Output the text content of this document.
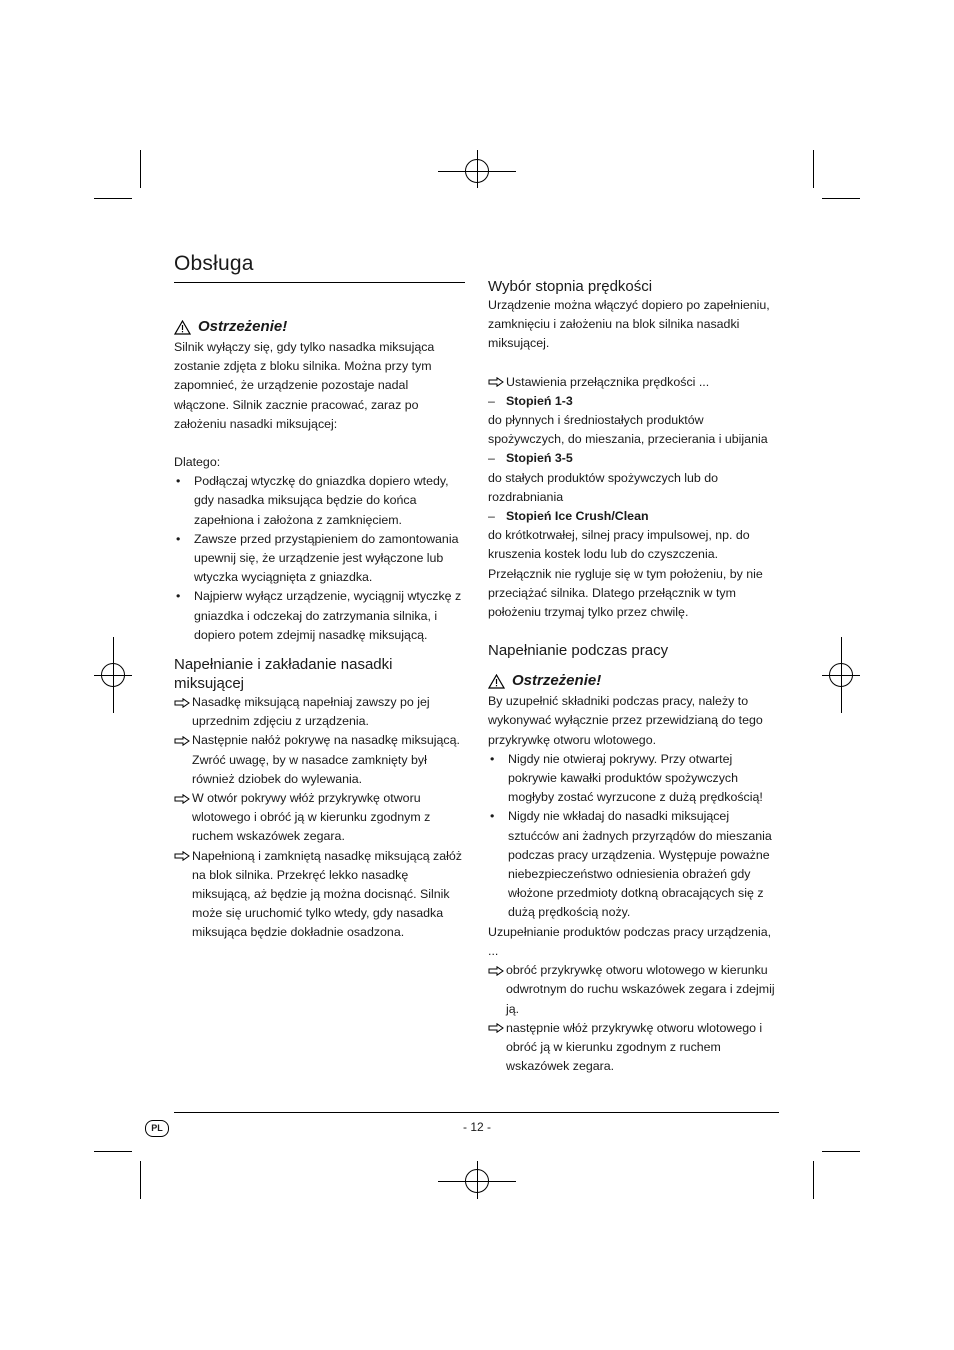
Obsługa
Ostrzeżenie!

Silnik wyłączy się, gdy tylko nasadka miksująca zostanie zdjęta z bloku silnika. Można przy tym zapomnieć, że urządzenie pozostaje nadal włączone. Silnik zacznie pracować, zaraz po założeniu nasadki miksującej:

Dlatego:

•	Podłączaj wtyczkę do gniazdka dopiero wtedy, gdy nasadka miksująca będzie do końca zapełniona i założona z zamknięciem.
•	Zawsze przed przystąpieniem do zamontowania upewnij się, że urządzenie jest wyłączone lub wtyczka wyciągnięta z gniazdka.
•	Najpierw wyłącz urządzenie, wyciągnij wtyczkę z gniazdka i odczekaj do zatrzymania silnika, i dopiero potem zdejmij nasadkę miksującą.
Napełnianie i zakładanie nasadki miksującej
Nasadkę miksującą napełniaj zawszy po jej uprzednim zdjęciu z urządzenia.
Następnie nałóż pokrywę na nasadkę miksującą. Zwróć uwagę, by w nasadce zamknięty był również dziobek do wylewania.
W otwór pokrywy włóż przykrywkę otworu wlotowego i obróć ją w kierunku zgodnym z ruchem wskazówek zegara.
Napełnioną i zamkniętą nasadkę miksującą załóż na blok silnika. Przekręć lekko nasadkę miksującą, aż będzie ją można docisnąć. Silnik może się uruchomić tylko wtedy, gdy nasadka miksująca będzie dokładnie osadzona.
Wybór stopnia prędkości

Urządzenie można włączyć dopiero po zapełnieniu, zamknięciu i założeniu na blok silnika nasadki miksującej.

Ustawienia przełącznika prędkości ...
– Stopień 1-3

do płynnych i średniostałych produktów spożywczych, do mieszania, przecierania i ubijania

– Stopień 3-5

do stałych produktów spożywczych lub do rozdrabniania

– Stopień Ice Crush/Clean

do krótkotrwałej, silnej pracy impulsowej, np. do kruszenia kostek lodu lub do czyszczenia. Przełącznik nie rygluje się w tym położeniu, by nie przeciążać silnika. Dlatego przełącznik w tym położeniu trzymaj tylko przez chwilę.

Napełnianie podczas pracy
Ostrzeżenie!

By uzupełnić składniki podczas pracy, należy to wykonywać wyłącznie przez przewidzianą do tego przykrywkę otworu wlotowego.

•	Nigdy nie otwieraj pokrywy. Przy otwartej pokrywie kawałki produktów spożywczych mogłyby zostać wyrzucone z dużą prędkością!
•	Nigdy nie wkładaj do nasadki miksującej sztućców ani żadnych przyrządów do mieszania podczas pracy urządzenia. Występuje poważne niebezpieczeństwo odniesienia obrażeń gdy włożone przedmioty dotkną obracających się z dużą prędkością noży.

Uzupełnianie produktów podczas pracy urządzenia, ...

obróć przykrywkę otworu wlotowego w kierunku odwrotnym do ruchu wskazówek zegara i zdejmij ją.
następnie włóż przykrywkę otworu wlotowego i obróć ją w kierunku zgodnym z ruchem wskazówek zegara.
PL	- 12 -
